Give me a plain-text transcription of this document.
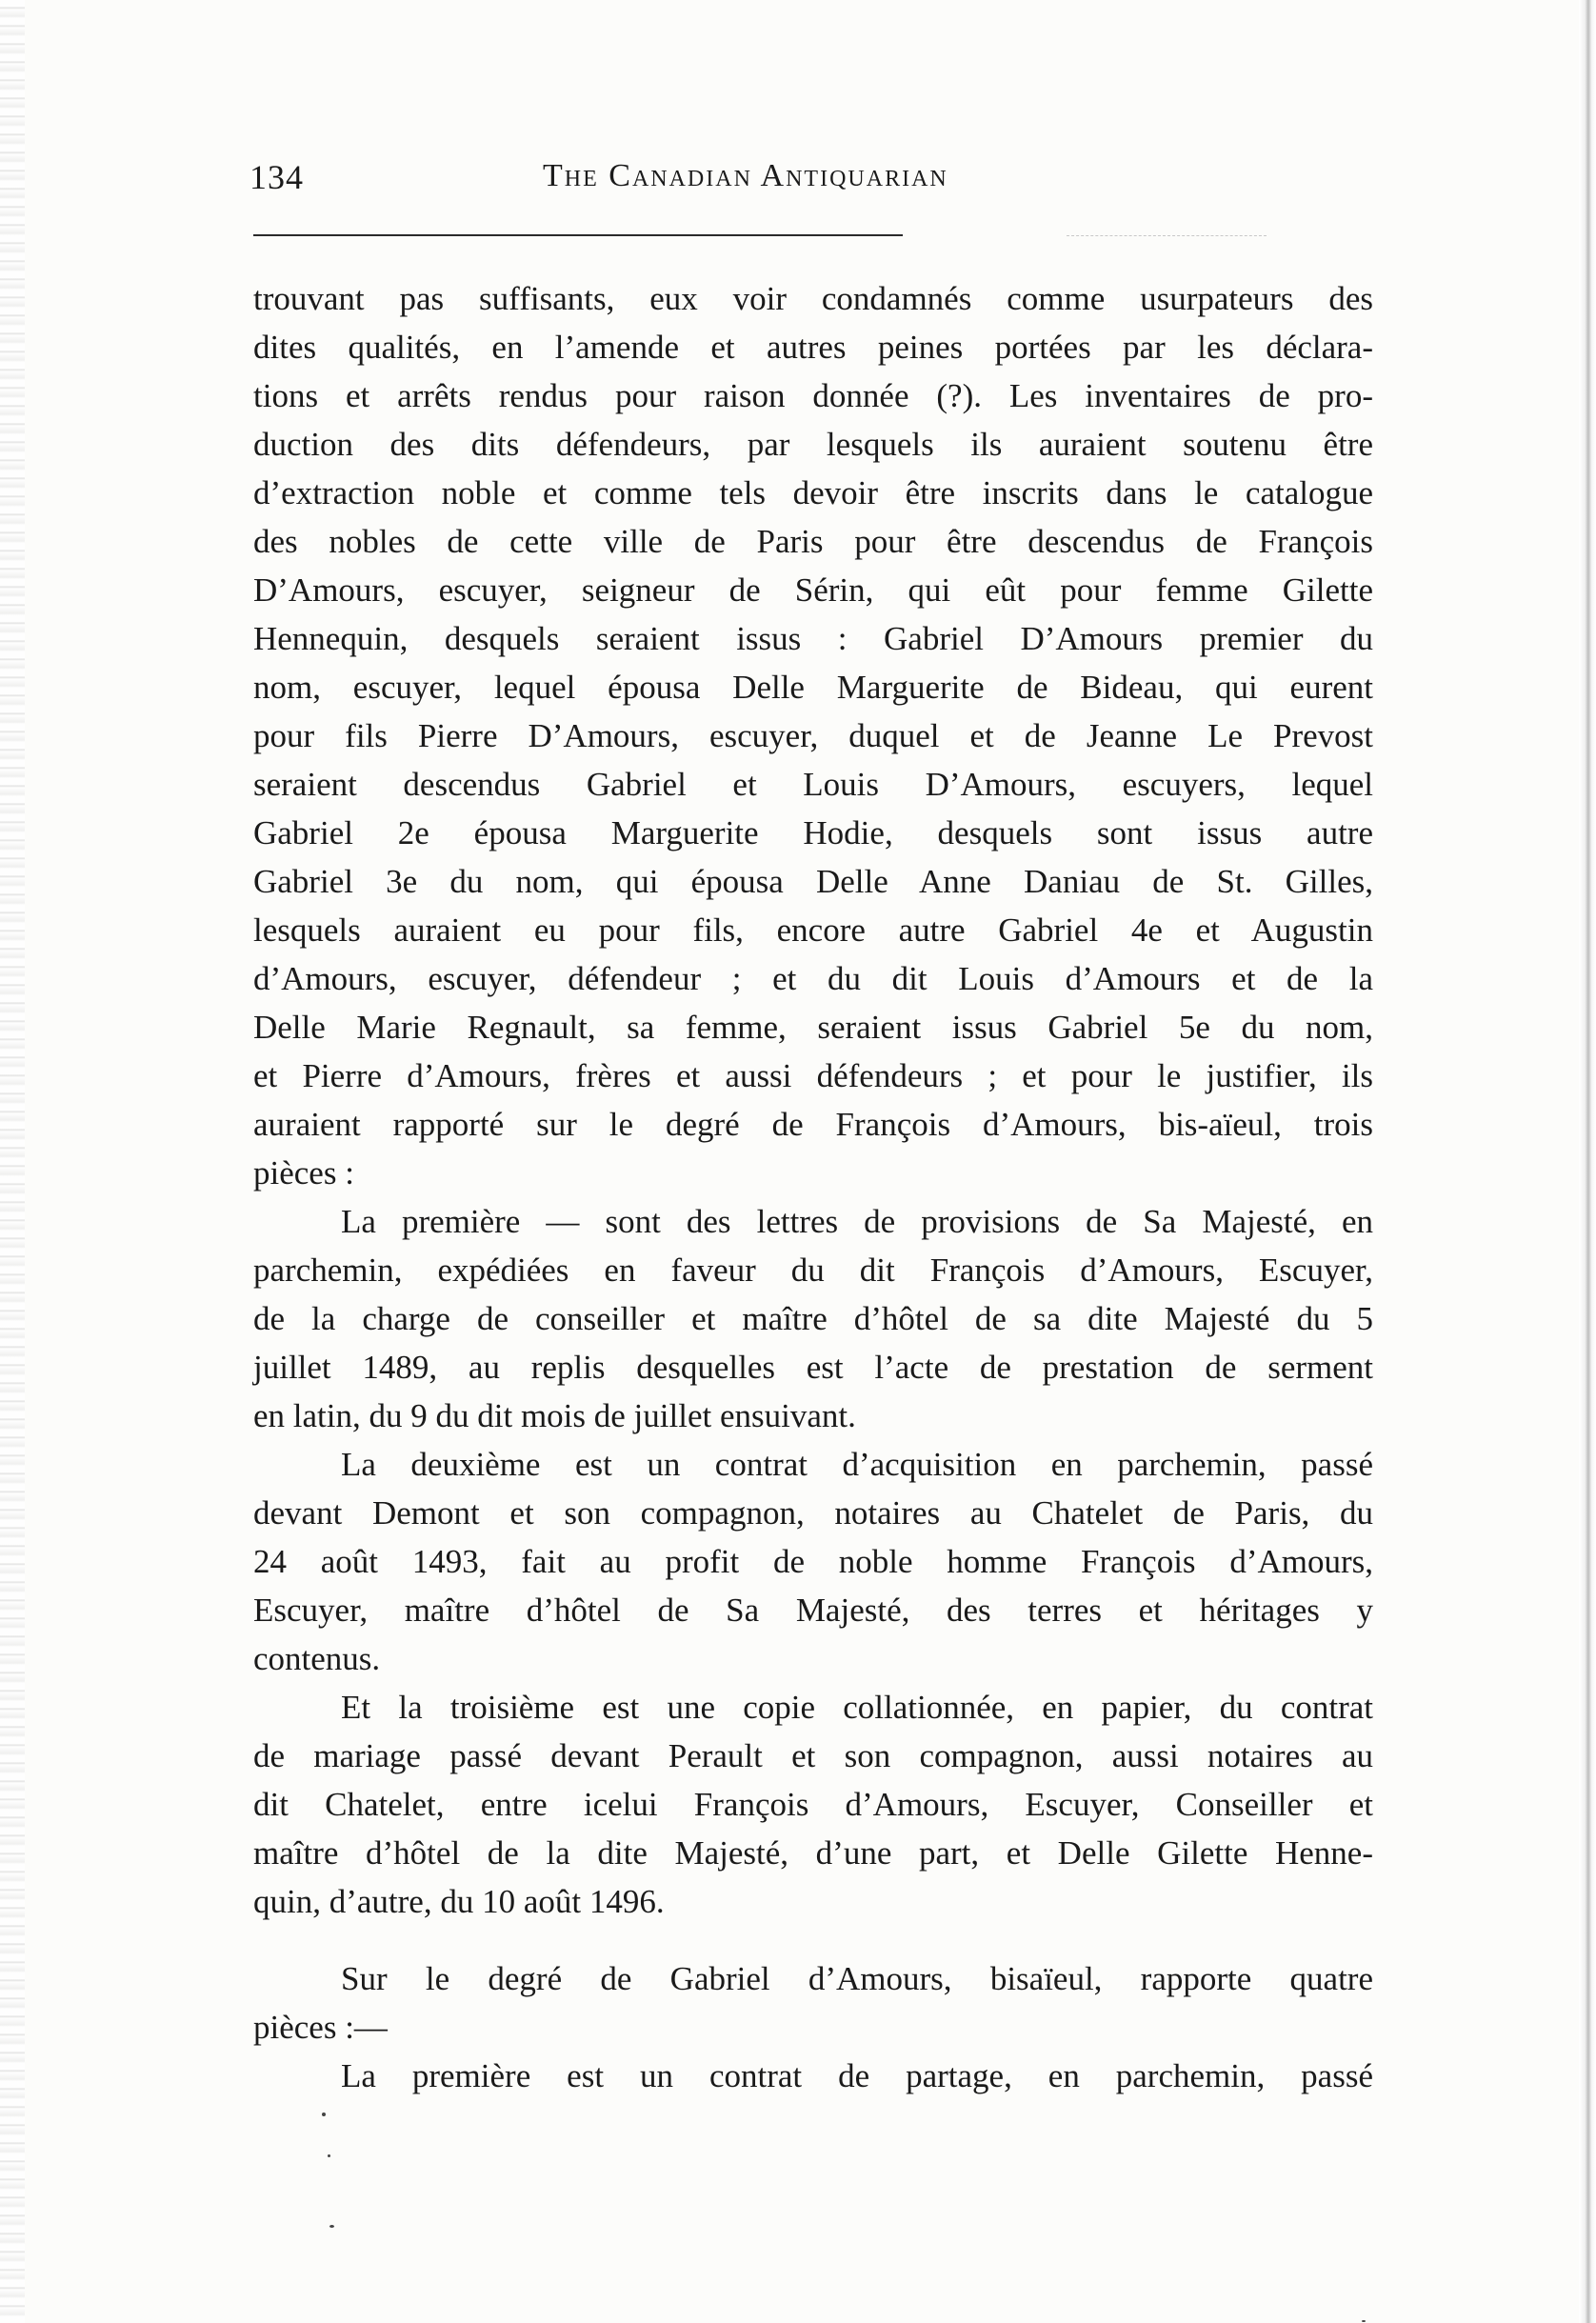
134	The Canadian Antiquarian
trouvant pas suffisants, eux voir condamnés comme usurpateurs des
dites qualités, en l’amende et autres peines portées par les déclara-
tions et arrêts rendus pour raison donnée (?). Les inventaires de pro-
duction des dits défendeurs, par lesquels ils auraient soutenu être
d’extraction noble et comme tels devoir être inscrits dans le catalogue
des nobles de cette ville de Paris pour être descendus de François
D’Amours, escuyer, seigneur de Sérin, qui eût pour femme Gilette
Hennequin, desquels seraient issus : Gabriel D’Amours premier du
nom, escuyer, lequel épousa Delle Marguerite de Bideau, qui eurent
pour fils Pierre D’Amours, escuyer, duquel et de Jeanne Le Prevost
seraient descendus Gabriel et Louis D’Amours, escuyers, lequel
Gabriel 2e épousa Marguerite Hodie, desquels sont issus autre
Gabriel 3e du nom, qui épousa Delle Anne Daniau de St. Gilles,
lesquels auraient eu pour fils, encore autre Gabriel 4e et Augustin
d’Amours, escuyer, défendeur ; et du dit Louis d’Amours et de la
Delle Marie Regnault, sa femme, seraient issus Gabriel 5e du nom,
et Pierre d’Amours, frères et aussi défendeurs ; et pour le justifier, ils
auraient rapporté sur le degré de François d’Amours, bis-aïeul, trois
pièces :
La première — sont des lettres de provisions de Sa Majesté, en
parchemin, expédiées en faveur du dit François d’Amours, Escuyer,
de la charge de conseiller et maître d’hôtel de sa dite Majesté du 5
juillet 1489, au replis desquelles est l’acte de prestation de serment
en latin, du 9 du dit mois de juillet ensuivant.
La deuxième est un contrat d’acquisition en parchemin, passé
devant Demont et son compagnon, notaires au Chatelet de Paris, du
24 août 1493, fait au profit de noble homme François d’Amours,
Escuyer, maître d’hôtel de Sa Majesté, des terres et héritages y
contenus.
Et la troisième est une copie collationnée, en papier, du contrat
de mariage passé devant Perault et son compagnon, aussi notaires au
dit Chatelet, entre icelui François d’Amours, Escuyer, Conseiller et
maître d’hôtel de la dite Majesté, d’une part, et Delle Gilette Henne-
quin, d’autre, du 10 août 1496.
Sur le degré de Gabriel d’Amours, bisaïeul, rapporte quatre
pièces :—
La première est un contrat de partage, en parchemin, passé
